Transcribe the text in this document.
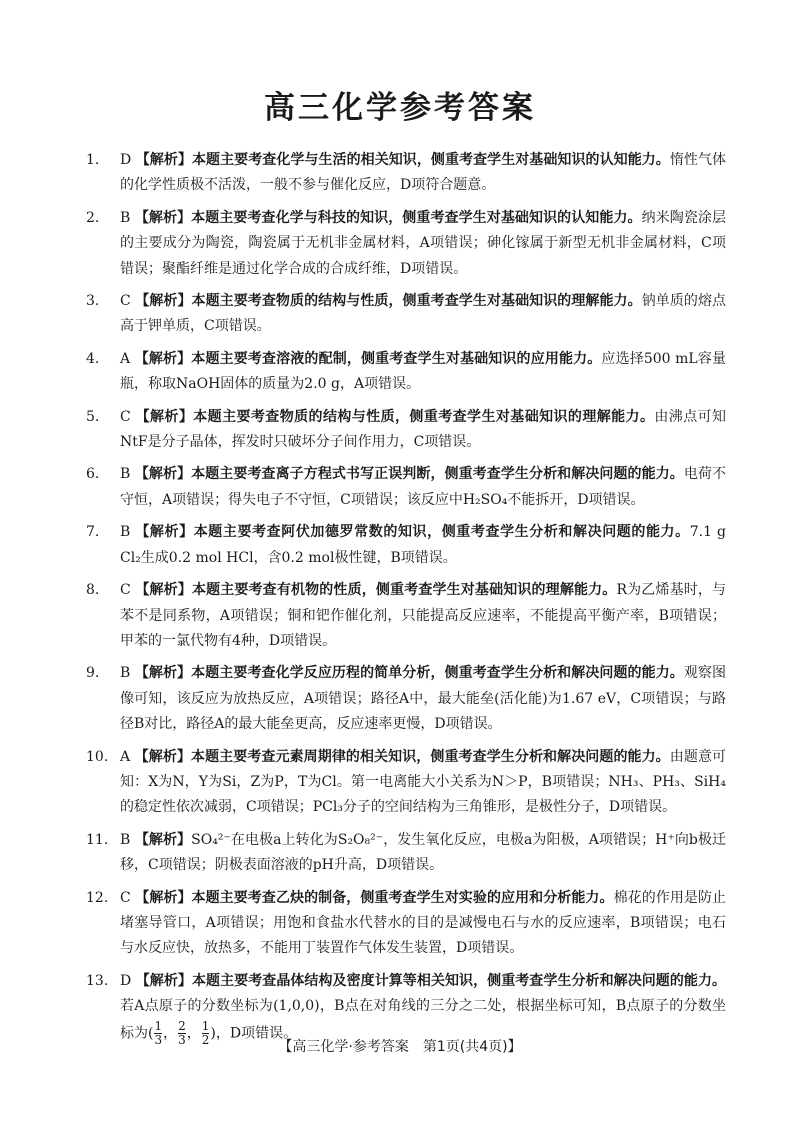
高三化学参考答案
1. D 【解析】本题主要考查化学与生活的相关知识，侧重考查学生对基础知识的认知能力。惰性气体的化学性质极不活泼，一般不参与催化反应，D项符合题意。
2. B 【解析】本题主要考查化学与科技的知识，侧重考查学生对基础知识的认知能力。纳米陶瓷涂层的主要成分为陶瓷，陶瓷属于无机非金属材料，A项错误；砷化镓属于新型无机非金属材料，C项错误；聚酯纤维是通过化学合成的合成纤维，D项错误。
3. C 【解析】本题主要考查物质的结构与性质，侧重考查学生对基础知识的理解能力。钠单质的熔点高于钾单质，C项错误。
4. A 【解析】本题主要考查溶液的配制，侧重考查学生对基础知识的应用能力。应选择500 mL容量瓶，称取NaOH固体的质量为2.0 g，A项错误。
5. C 【解析】本题主要考查物质的结构与性质，侧重考查学生对基础知识的理解能力。由沸点可知NtF是分子晶体，挥发时只破坏分子间作用力，C项错误。
6. B 【解析】本题主要考查离子方程式书写正误判断，侧重考查学生分析和解决问题的能力。电荷不守恒，A项错误；得失电子不守恒，C项错误；该反应中H₂SO₄不能拆开，D项错误。
7. B 【解析】本题主要考查阿伏加德罗常数的知识，侧重考查学生分析和解决问题的能力。7.1 g Cl₂生成0.2 mol HCl，含0.2 mol极性键，B项错误。
8. C 【解析】本题主要考查有机物的性质，侧重考查学生对基础知识的理解能力。R为乙烯基时，与苯不是同系物，A项错误；铜和钯作催化剂，只能提高反应速率，不能提高平衡产率，B项错误；甲苯的一氯代物有4种，D项错误。
9. B 【解析】本题主要考查化学反应历程的简单分析，侧重考查学生分析和解决问题的能力。观察图像可知，该反应为放热反应，A项错误；路径A中，最大能垒(活化能)为1.67 eV，C项错误；与路径B对比，路径A的最大能垒更高，反应速率更慢，D项错误。
10. A 【解析】本题主要考查元素周期律的相关知识，侧重考查学生分析和解决问题的能力。由题意可知：X为N，Y为Si，Z为P，T为Cl。第一电离能大小关系为N＞P，B项错误；NH₃、PH₃、SiH₄的稳定性依次减弱，C项错误；PCl₃分子的空间结构为三角锥形，是极性分子，D项错误。
11. B 【解析】SO₄²⁻在电极a上转化为S₂O₈²⁻，发生氧化反应，电极a为阳极，A项错误；H⁺向b极迁移，C项错误；阴极表面溶液的pH升高，D项错误。
12. C 【解析】本题主要考查乙炔的制备，侧重考查学生对实验的应用和分析能力。棉花的作用是防止堵塞导管口，A项错误；用饱和食盐水代替水的目的是减慢电石与水的反应速率，B项错误；电石与水反应快，放热多，不能用丁装置作气体发生装置，D项错误。
13. D 【解析】本题主要考查晶体结构及密度计算等相关知识，侧重考查学生分析和解决问题的能力。若A点原子的分数坐标为(1,0,0)，B点在对角线的三分之二处，根据坐标可知，B点原子的分数坐标为( $\frac{1}{3}$ ， $\frac{2}{3}$ ， $\frac{1}{2}$ )，D项错误。
【高三化学·参考答案　第1页(共4页)】
